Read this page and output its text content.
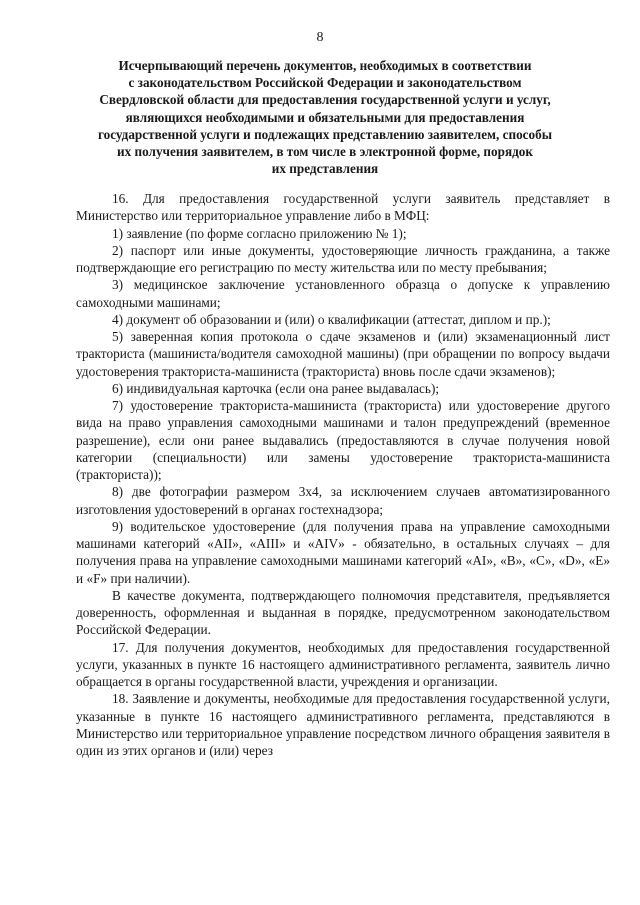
8
Исчерпывающий перечень документов, необходимых в соответствии
с законодательством Российской Федерации и законодательством
Свердловской области для предоставления государственной услуги и услуг,
являющихся необходимыми и обязательными для предоставления
государственной услуги и подлежащих представлению заявителем, способы
их получения заявителем, в том числе в электронной форме, порядок
их представления

16. Для предоставления государственной услуги заявитель представляет в Министерство или территориальное управление либо в МФЦ:

1) заявление (по форме согласно приложению № 1);

2) паспорт или иные документы, удостоверяющие личность гражданина, а также подтверждающие его регистрацию по месту жительства или по месту пребывания;

3) медицинское заключение установленного образца о допуске к управлению самоходными машинами;

4) документ об образовании и (или) о квалификации (аттестат, диплом и пр.);

5) заверенная копия протокола о сдаче экзаменов и (или) экзаменационный лист тракториста (машиниста/водителя самоходной машины) (при обращении по вопросу выдачи удостоверения тракториста-машиниста (тракториста) вновь после сдачи экзаменов);

6) индивидуальная карточка (если она ранее выдавалась);

7) удостоверение тракториста-машиниста (тракториста) или удостоверение другого вида на право управления самоходными машинами и талон предупреждений (временное разрешение), если они ранее выдавались (предоставляются в случае получения новой категории (специальности) или замены удостоверение тракториста-машиниста (тракториста));

8) две фотографии размером 3х4, за исключением случаев автоматизированного изготовления удостоверений в органах гостехнадзора;

9) водительское удостоверение (для получения права на управление самоходными машинами категорий «AII», «AIII» и «AIV» - обязательно, в остальных случаях – для получения права на управление самоходными машинами категорий «AI», «B», «C», «D», «E» и «F» при наличии).

В качестве документа, подтверждающего полномочия представителя, предъявляется доверенность, оформленная и выданная в порядке, предусмотренном законодательством Российской Федерации.

17. Для получения документов, необходимых для предоставления государственной услуги, указанных в пункте 16 настоящего административного регламента, заявитель лично обращается в органы государственной власти, учреждения и организации.

18. Заявление и документы, необходимые для предоставления государственной услуги, указанные в пункте 16 настоящего административного регламента, представляются в Министерство или территориальное управление посредством личного обращения заявителя в один из этих органов и (или) через
